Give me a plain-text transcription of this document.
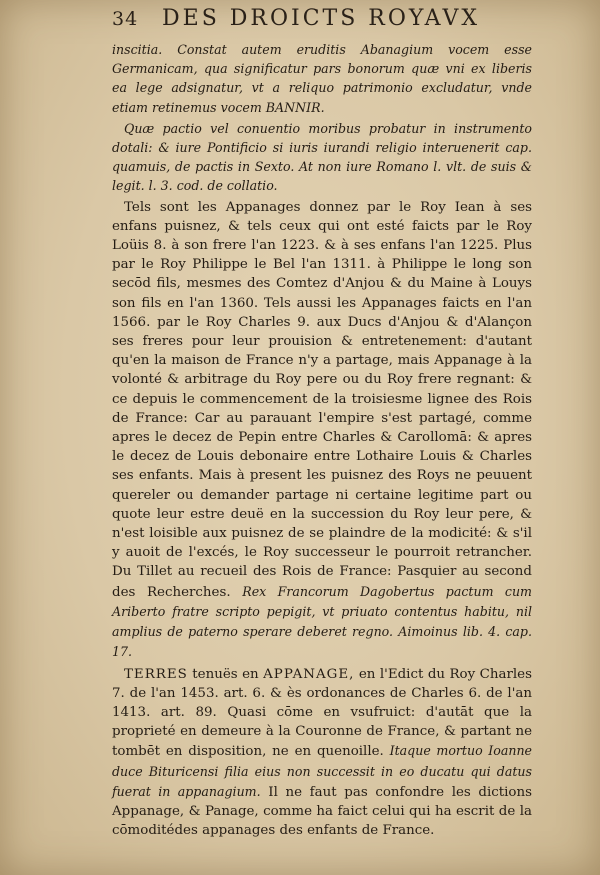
34 DES DROICTS ROYAVX

inscitia. Constat autem eruditis Abanagium vocem esse Germanicam, qua significatur pars bonorum quæ vni ex liberis ea lege adsignatur, vt a reliquo patrimonio excludatur, vnde etiam retinemus vocem BANNIR.

Quæ pactio vel conuentio moribus probatur in instrumento dotali: & iure Pontificio si iuris iurandi religio interuenerit cap. quamuis, de pactis in Sexto. At non iure Romano l. vlt. de suis & legit. l. 3. cod. de collatio.

Tels sont les Appanages donnez par le Roy Iean à ses enfans puisnez, & tels ceux qui ont esté faicts par le Roy Loüis 8. à son frere l'an 1223. & à ses enfans l'an 1225. Plus par le Roy Philippe le Bel l'an 1311. à Philippe le long son secōd fils, mesmes des Comtez d'Anjou & du Maine à Louys son fils en l'an 1360. Tels aussi les Appanages faicts en l'an 1566. par le Roy Charles 9. aux Ducs d'Anjou & d'Alançon ses freres pour leur prouision & entretenement: d'autant qu'en la maison de France n'y a partage, mais Appanage à la volonté & arbitrage du Roy pere ou du Roy frere regnant: & ce depuis le commencement de la troisiesme lignee des Rois de France: Car au parauant l'empire s'est partagé, comme apres le decez de Pepin entre Charles & Carollomā: & apres le decez de Louis debonaire entre Lothaire Louis & Charles ses enfants. Mais à present les puisnez des Roys ne peuuent quereler ou demander partage ni certaine legitime part ou quote leur estre deuë en la succession du Roy leur pere, & n'est loisible aux puisnez de se plaindre de la modicité: & s'il y auoit de l'excés, le Roy successeur le pourroit retrancher. Du Tillet au recueil des Rois de France: Pasquier au second des Recherches. Rex Francorum Dagobertus pactum cum Ariberto fratre scripto pepigit, vt priuato contentus habitu, nil amplius de paterno sperare deberet regno. Aimoinus lib. 4. cap. 17.

TERRES tenuës en APPANAGE, en l'Edict du Roy Charles 7. de l'an 1453. art. 6. & ès ordonances de Charles 6. de l'an 1413. art. 89. Quasi cōme en vsufruict: d'autāt que la proprieté en demeure à la Couronne de France, & partant ne tombēt en disposition, ne en quenoille. Itaque mortuo Ioanne duce Bituricensi filia eius non successit in eo ducatu qui datus fuerat in appanagium. Il ne faut pas confondre les dictions Appanage, & Panage, comme ha faict celui qui ha escrit de la cōmoditédes appanages des enfants de France.
